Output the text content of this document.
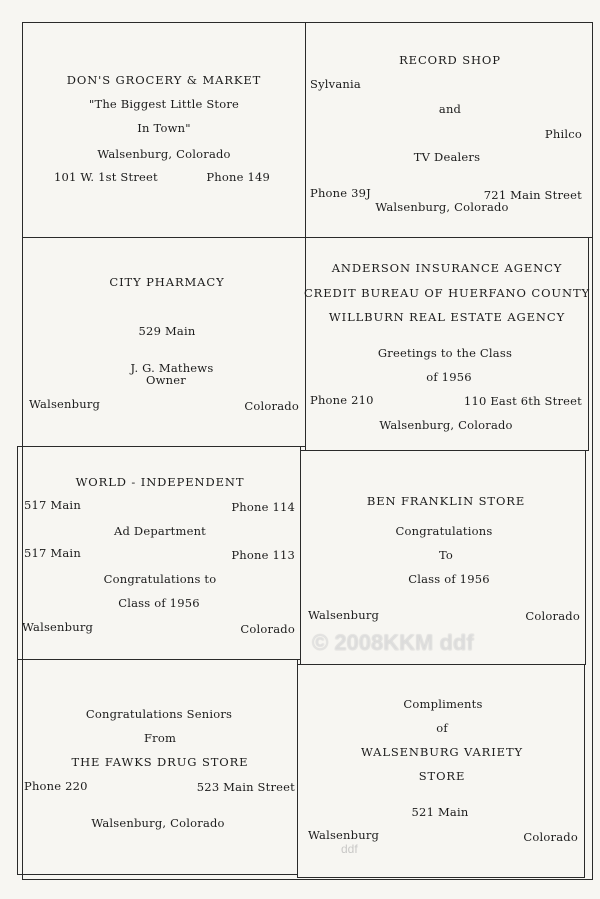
DON'S GROCERY & MARKET
"The Biggest Little Store
In Town"
Walsenburg, Colorado
101 W. 1st Street	Phone 149
RECORD SHOP
Sylvania
and
Philco
TV Dealers
Phone 39J	721 Main Street
Walsenburg, Colorado
CITY PHARMACY
529 Main
J. G. Mathews
Owner
Walsenburg	Colorado
ANDERSON INSURANCE AGENCY
CREDIT BUREAU OF HUERFANO COUNTY
WILLBURN REAL ESTATE AGENCY
Greetings to the Class
of 1956
Phone 210	110 East 6th Street
Walsenburg, Colorado
WORLD - INDEPENDENT
517 Main	Phone 114
Ad Department
517 Main	Phone 113
Congratulations to
Class of 1956
Walsenburg	Colorado
BEN FRANKLIN STORE
Congratulations
To
Class of 1956
Walsenburg	Colorado
Congratulations Seniors
From
THE FAWKS DRUG STORE
Phone 220	523 Main Street
Walsenburg, Colorado
Compliments
of
WALSENBURG VARIETY
STORE
521 Main
Walsenburg	Colorado
© 2008KKM ddf
ddf
